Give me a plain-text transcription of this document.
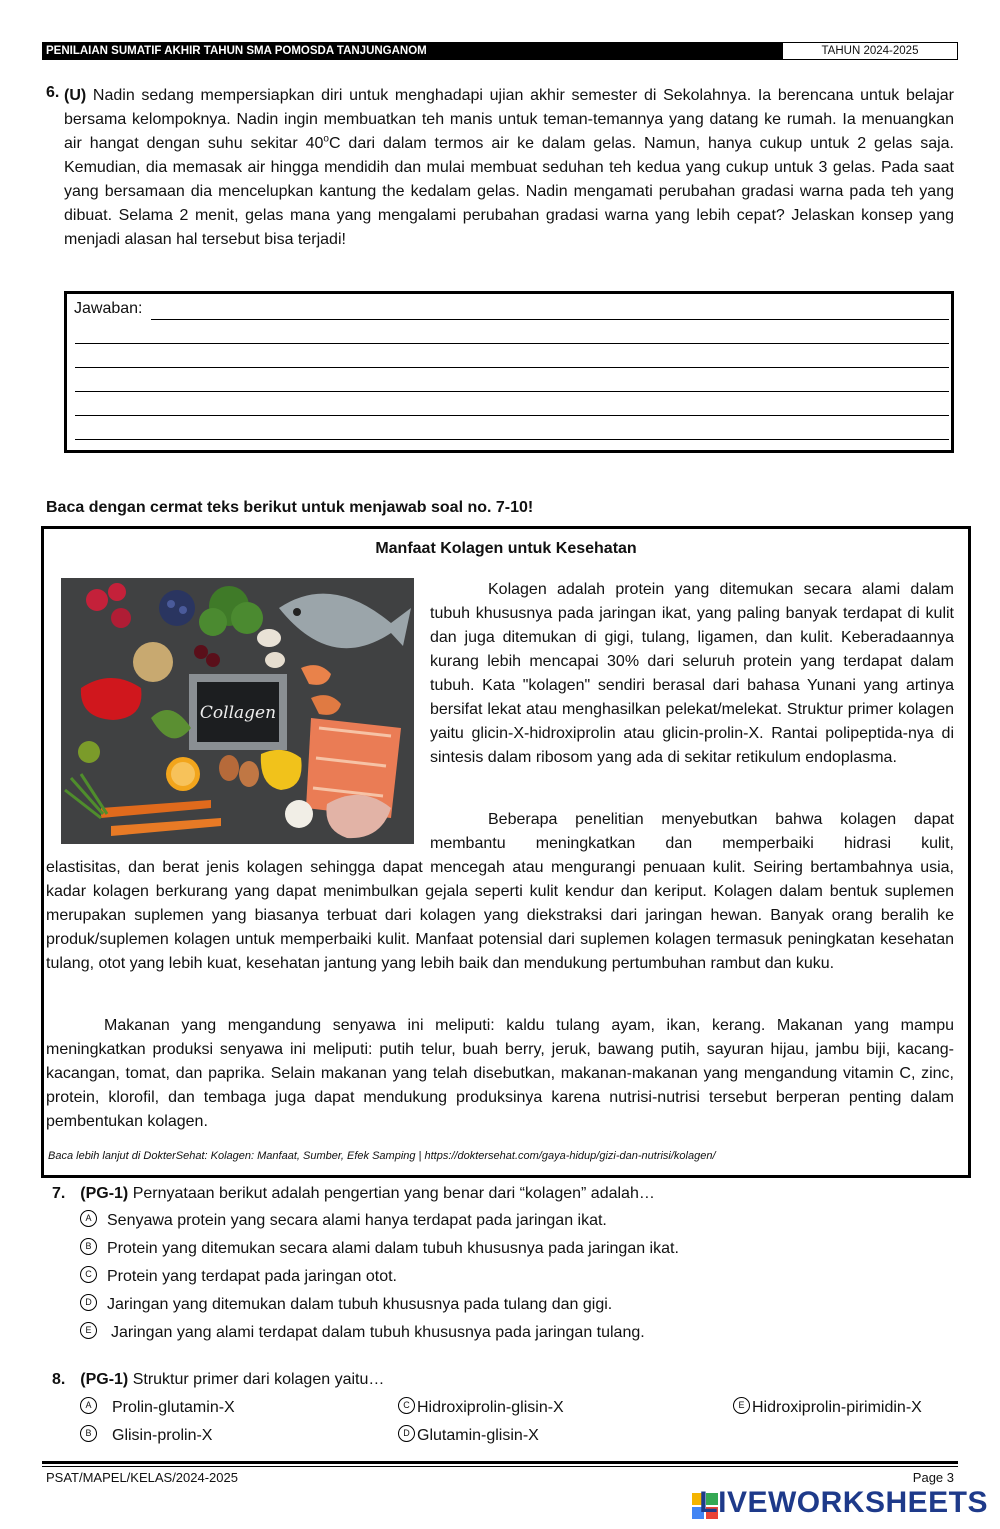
PENILAIAN SUMATIF AKHIR TAHUN SMA POMOSDA TANJUNGANOM	TAHUN 2024-2025
6. (U) Nadin sedang mempersiapkan diri untuk menghadapi ujian akhir semester di Sekolahnya. Ia berencana untuk belajar bersama kelompoknya. Nadin ingin membuatkan teh manis untuk teman-temannya yang datang ke rumah. Ia menuangkan air hangat dengan suhu sekitar 40$^o$C dari dalam termos air ke dalam gelas. Namun, hanya cukup untuk 2 gelas saja. Kemudian, dia memasak air hingga mendidih dan mulai membuat seduhan teh kedua yang cukup untuk 3 gelas. Pada saat yang bersamaan dia mencelupkan kantung the kedalam gelas. Nadin mengamati perubahan gradasi warna pada teh yang dibuat. Selama 2 menit, gelas mana yang mengalami perubahan gradasi warna yang lebih cepat? Jelaskan konsep yang menjadi alasan hal tersebut bisa terjadi!
Jawaban:
Baca dengan cermat teks berikut untuk menjawab soal no. 7-10!
Manfaat Kolagen untuk Kesehatan
Collagen
Kolagen adalah protein yang ditemukan secara alami dalam tubuh khususnya pada jaringan ikat, yang paling banyak terdapat di kulit dan juga ditemukan di gigi, tulang, ligamen, dan kulit. Keberadaannya kurang lebih mencapai 30% dari seluruh protein yang terdapat dalam tubuh. Kata "kolagen" sendiri berasal dari bahasa Yunani yang artinya bersifat lekat atau menghasilkan pelekat/melekat. Struktur primer kolagen yaitu glicin-X-hidroxiprolin atau glicin-prolin-X. Rantai polipeptida-nya di sintesis dalam ribosom yang ada di sekitar retikulum endoplasma.
Beberapa penelitian menyebutkan bahwa kolagen dapat membantu meningkatkan dan memperbaiki hidrasi kulit,
elastisitas, dan berat jenis kolagen sehingga dapat mencegah atau mengurangi penuaan kulit. Seiring bertambahnya usia, kadar kolagen berkurang yang dapat menimbulkan gejala seperti kulit kendur dan keriput. Kolagen dalam bentuk suplemen merupakan suplemen yang biasanya terbuat dari kolagen yang diekstraksi dari jaringan hewan. Banyak orang beralih ke produk/suplemen kolagen untuk memperbaiki kulit. Manfaat potensial dari suplemen kolagen termasuk peningkatan kesehatan tulang, otot yang lebih kuat, kesehatan jantung yang lebih baik dan mendukung pertumbuhan rambut dan kuku.
Makanan yang mengandung senyawa ini meliputi: kaldu tulang ayam, ikan, kerang. Makanan yang mampu meningkatkan produksi senyawa ini meliputi: putih telur, buah berry, jeruk, bawang putih, sayuran hijau, jambu biji, kacang-kacangan, tomat, dan paprika. Selain makanan yang telah disebutkan, makanan-makanan yang mengandung vitamin C, zinc, protein, klorofil, dan tembaga juga dapat mendukung produksinya karena nutrisi-nutrisi tersebut berperan penting dalam pembentukan kolagen.
Baca lebih lanjut di DokterSehat: Kolagen: Manfaat, Sumber, Efek Samping | https://doktersehat.com/gaya-hidup/gizi-dan-nutrisi/kolagen/
7. (PG-1) Pernyataan berikut adalah pengertian yang benar dari “kolagen” adalah…
A Senyawa protein yang secara alami hanya terdapat pada jaringan ikat.
B Protein yang ditemukan secara alami dalam tubuh khususnya pada jaringan ikat.
C Protein yang terdapat pada jaringan otot.
D Jaringan yang ditemukan dalam tubuh khususnya pada tulang dan gigi.
E Jaringan yang alami terdapat dalam tubuh khususnya pada jaringan tulang.
8. (PG-1) Struktur primer dari kolagen yaitu…
A Prolin-glutamin-X
B Glisin-prolin-X
C Hidroxiprolin-glisin-X
D Glutamin-glisin-X
E Hidroxiprolin-pirimidin-X
PSAT/MAPEL/KELAS/2024-2025	Page 3
LIVEWORKSHEETS
